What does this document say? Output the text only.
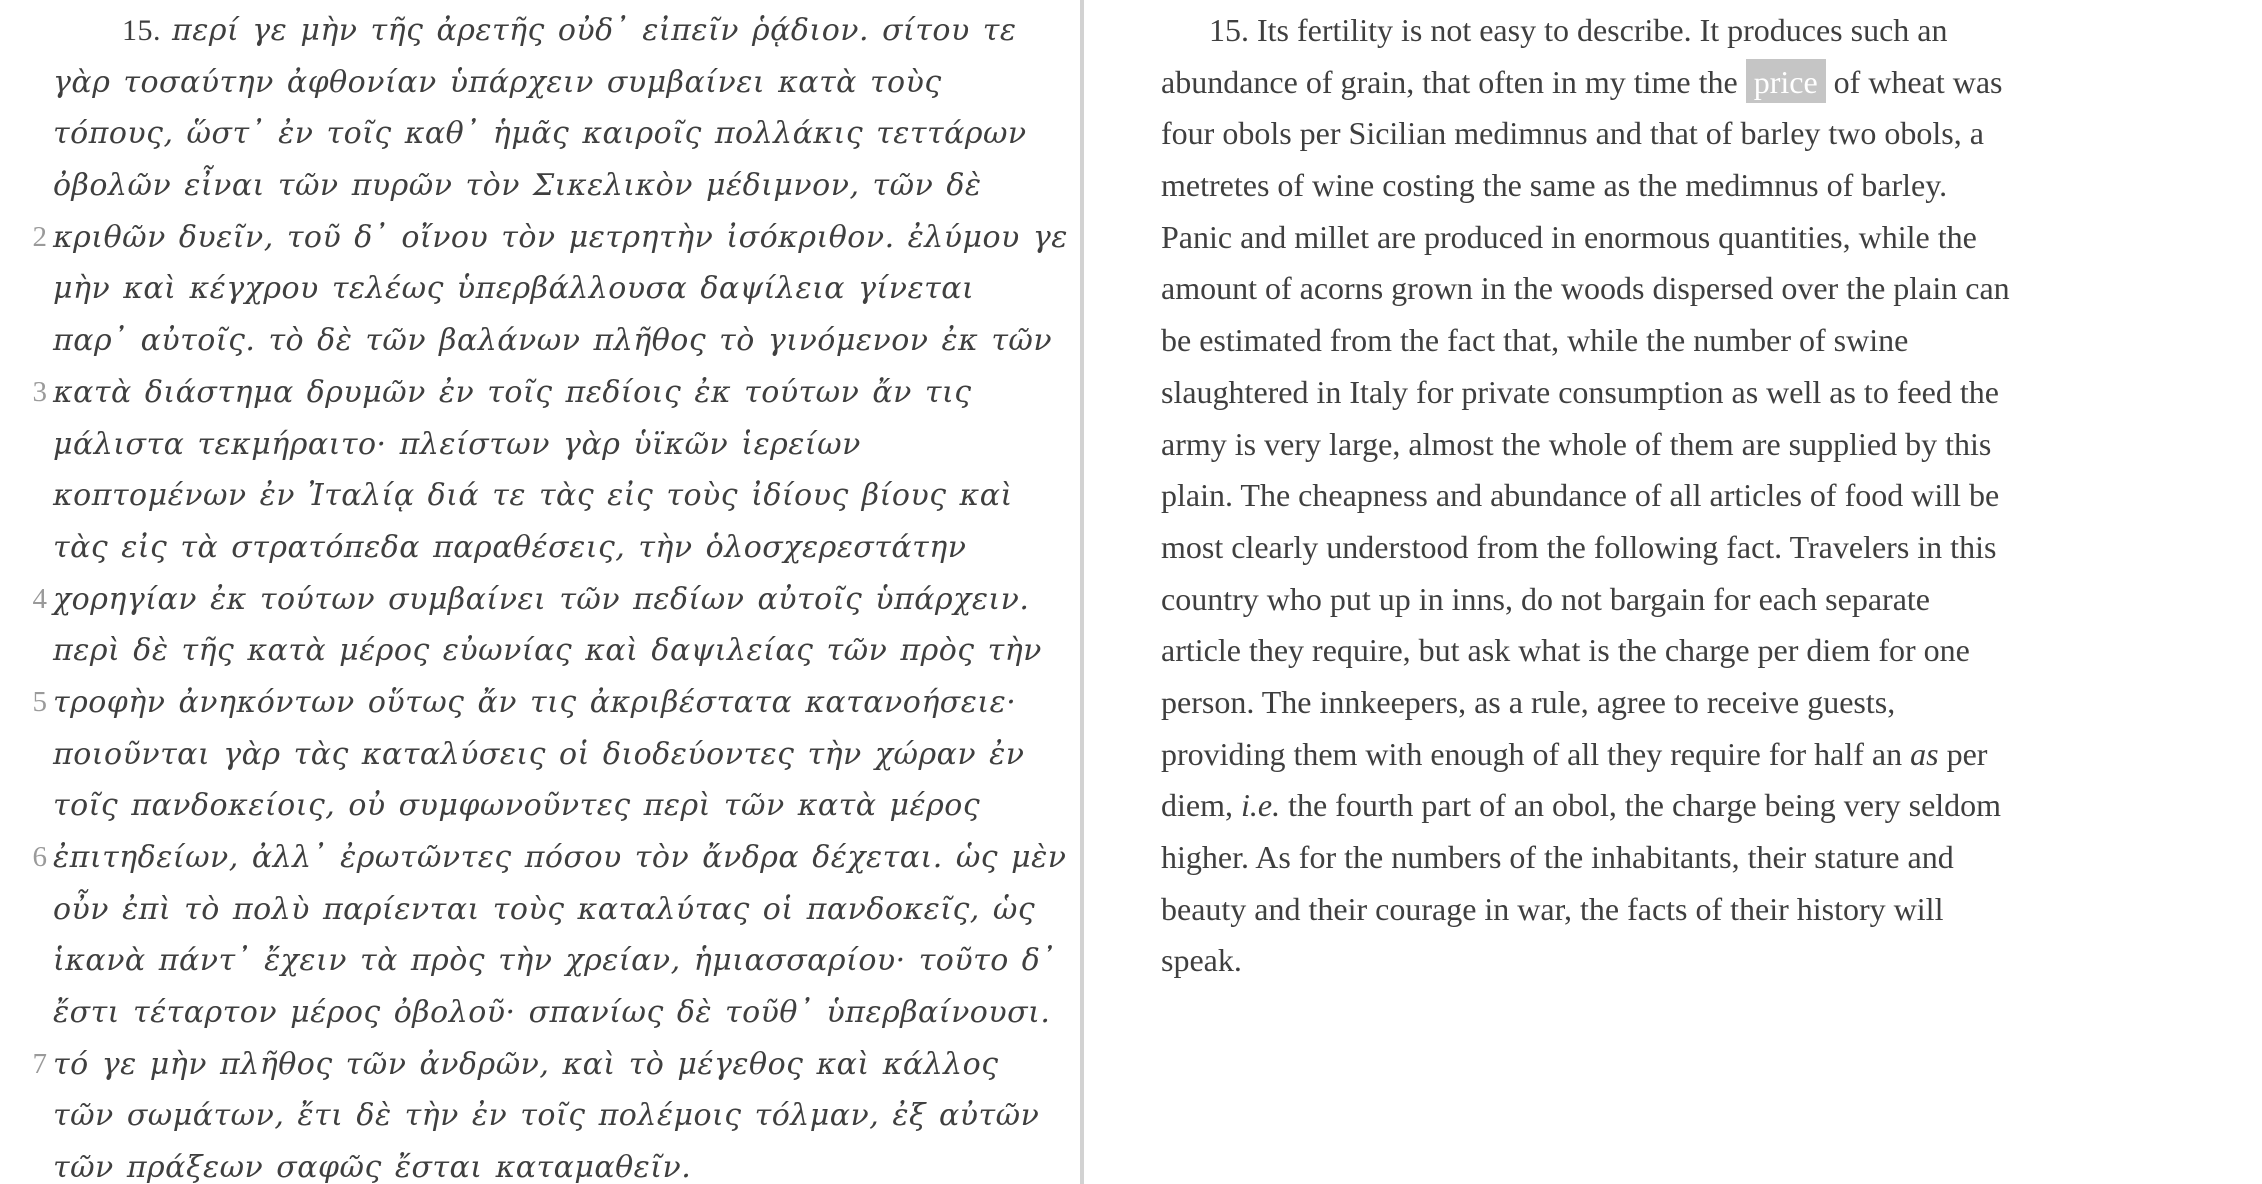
15. περί γε μὴν τῆς ἀρετῆς οὐδ᾽ εἰπεῖν ῥᾴδιον. σίτου τε
γὰρ τοσαύτην ἀφθονίαν ὑπάρχειν συμβαίνει κατὰ τοὺς
τόπους, ὥστ᾽ ἐν τοῖς καθ᾽ ἡμᾶς καιροῖς πολλάκις τεττάρων
ὀβολῶν εἶναι τῶν πυρῶν τὸν Σικελικὸν μέδιμνον, τῶν δὲ
2 κριθῶν δυεῖν, τοῦ δ᾽ οἴνου τὸν μετρητὴν ἰσόκριθον. ἐλύμου γε
μὴν καὶ κέγχρου τελέως ὑπερβάλλουσα δαψίλεια γίνεται
παρ᾽ αὐτοῖς. τὸ δὲ τῶν βαλάνων πλῆθος τὸ γινόμενον ἐκ τῶν
3 κατὰ διάστημα δρυμῶν ἐν τοῖς πεδίοις ἐκ τούτων ἄν τις
μάλιστα τεκμήραιτο· πλείστων γὰρ ὑϊκῶν ἱερείων
κοπτομένων ἐν Ἰταλίᾳ διά τε τὰς εἰς τοὺς ἰδίους βίους καὶ
τὰς εἰς τὰ στρατόπεδα παραθέσεις, τὴν ὁλοσχερεστάτην
4 χορηγίαν ἐκ τούτων συμβαίνει τῶν πεδίων αὐτοῖς ὑπάρχειν.
περὶ δὲ τῆς κατὰ μέρος εὐωνίας καὶ δαψιλείας τῶν πρὸς τὴν
5 τροφὴν ἀνηκόντων οὕτως ἄν τις ἀκριβέστατα κατανοήσειε·
ποιοῦνται γὰρ τὰς καταλύσεις οἱ διοδεύοντες τὴν χώραν ἐν
τοῖς πανδοκείοις, οὐ συμφωνοῦντες περὶ τῶν κατὰ μέρος
6 ἐπιτηδείων, ἀλλ᾽ ἐρωτῶντες πόσου τὸν ἄνδρα δέχεται. ὡς μὲν
οὖν ἐπὶ τὸ πολὺ παρίενται τοὺς καταλύτας οἱ πανδοκεῖς, ὡς
ἱκανὰ πάντ᾽ ἔχειν τὰ πρὸς τὴν χρείαν, ἡμιασσαρίου· τοῦτο δ᾽
ἔστι τέταρτον μέρος ὀβολοῦ· σπανίως δὲ τοῦθ᾽ ὑπερβαίνουσι.
7 τό γε μὴν πλῆθος τῶν ἀνδρῶν, καὶ τὸ μέγεθος καὶ κάλλος
τῶν σωμάτων, ἔτι δὲ τὴν ἐν τοῖς πολέμοις τόλμαν, ἐξ αὐτῶν
τῶν πράξεων σαφῶς ἔσται καταμαθεῖν.
15. Its fertility is not easy to describe. It produces such an
abundance of grain, that often in my time the price of wheat was
four obols per Sicilian medimnus and that of barley two obols, a
metretes of wine costing the same as the medimnus of barley.
Panic and millet are produced in enormous quantities, while the
amount of acorns grown in the woods dispersed over the plain can
be estimated from the fact that, while the number of swine
slaughtered in Italy for private consumption as well as to feed the
army is very large, almost the whole of them are supplied by this
plain. The cheapness and abundance of all articles of food will be
most clearly understood from the following fact. Travelers in this
country who put up in inns, do not bargain for each separate
article they require, but ask what is the charge per diem for one
person. The innkeepers, as a rule, agree to receive guests,
providing them with enough of all they require for half an as per
diem, i.e. the fourth part of an obol, the charge being very seldom
higher. As for the numbers of the inhabitants, their stature and
beauty and their courage in war, the facts of their history will
speak.
